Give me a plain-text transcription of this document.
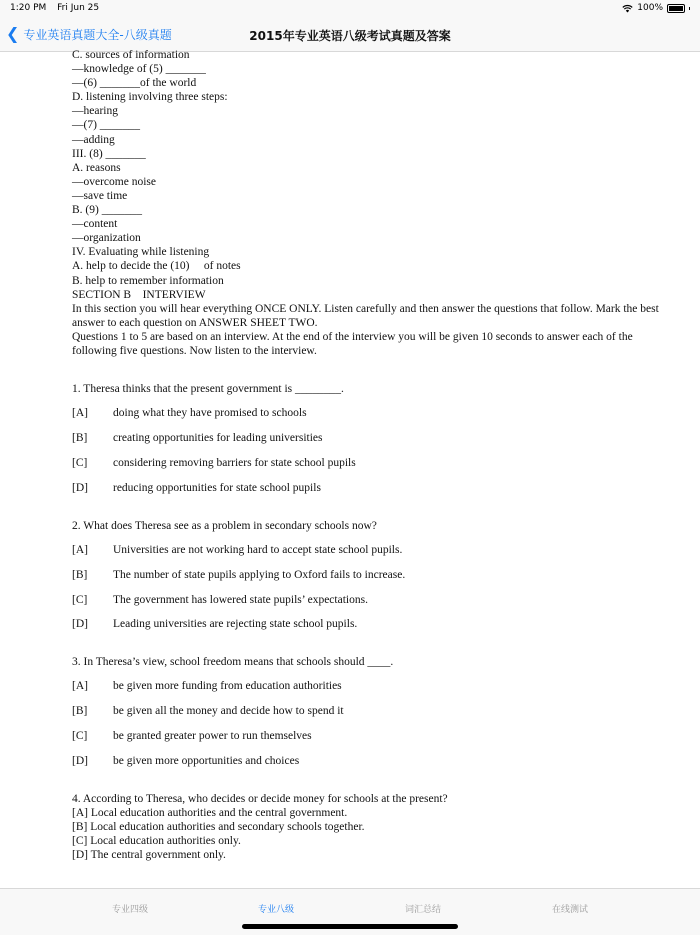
1:20 PM Fri Jun 25	100%
❮ 专业英语真题大全-八级真题	2015年专业英语八级考试真题及答案
C. sources of information
—knowledge of (5) _______
—(6) _______of the world
D. listening involving three steps:
—hearing
—(7) _______
—adding
III. (8) _______
A. reasons
—overcome noise
—save time
B. (9) _______
—content
—organization
IV. Evaluating while listening
A. help to decide the (10)     of notes
B. help to remember information
SECTION B    INTERVIEW
In this section you will hear everything ONCE ONLY. Listen carefully and then answer the questions that follow. Mark the best answer to each question on ANSWER SHEET TWO.
Questions 1 to 5 are based on an interview. At the end of the interview you will be given 10 seconds to answer each of the following five questions. Now listen to the interview.
1. Theresa thinks that the present government is ________.
[A]	doing what they have promised to schools
[B]	creating opportunities for leading universities
[C]	considering removing barriers for state school pupils
[D]	reducing opportunities for state school pupils
2. What does Theresa see as a problem in secondary schools now?
[A]	Universities are not working hard to accept state school pupils.
[B]	The number of state pupils applying to Oxford fails to increase.
[C]	The government has lowered state pupils’ expectations.
[D]	Leading universities are rejecting state school pupils.
3. In Theresa’s view, school freedom means that schools should ____.
[A]	be given more funding from education authorities
[B]	be given all the money and decide how to spend it
[C]	be granted greater power to run themselves
[D]	be given more opportunities and choices
4. According to Theresa, who decides or decide money for schools at the present?
[A] Local education authorities and the central government.
[B] Local education authorities and secondary schools together.
[C] Local education authorities only.
[D] The central government only.
专业四级	专业八级	词汇总结	在线测试
